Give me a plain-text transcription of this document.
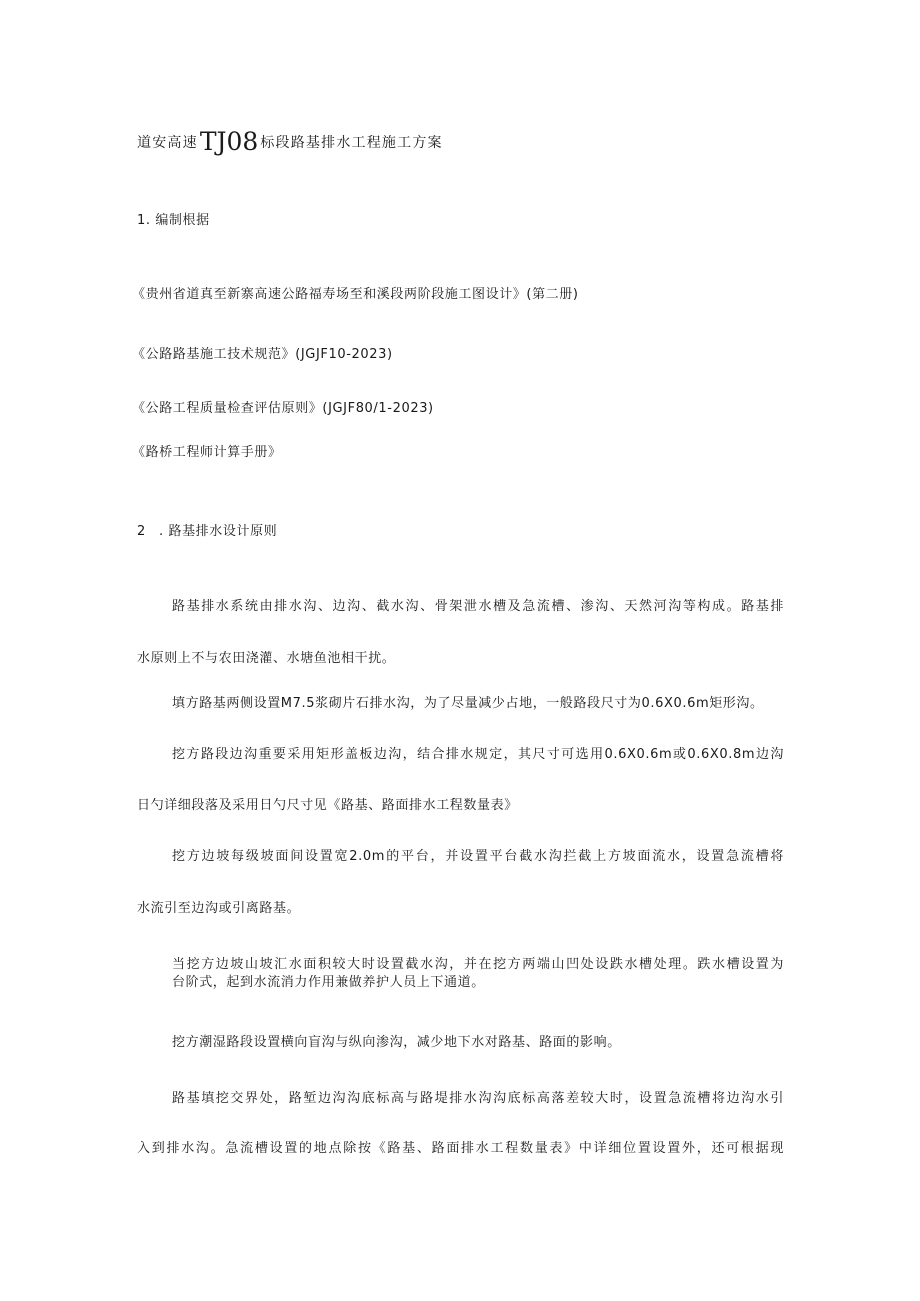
道安高速TJ08 标段路基排水工程施工方案
1. 编制根据
《贵州省道真至新寨高速公路福寿场至和溪段两阶段施工图设计》(第二册)
《公路路基施工技术规范》(JGJF10-2023)
《公路工程质量检查评估原则》(JGJF80/1-2023)
《路桥工程师计算手册》
2 . 路基排水设计原则
路基排水系统由排水沟、边沟、截水沟、骨架泄水槽及急流槽、渗沟、天然河沟等构成。路基排
水原则上不与农田浇灌、水塘鱼池相干扰。
填方路基两侧设置M7.5浆砌片石排水沟，为了尽量减少占地，一般路段尺寸为0.6X0.6m矩形沟。
挖方路段边沟重要采用矩形盖板边沟，结合排水规定，其尺寸可选用0.6X0.6m或0.6X0.8m边沟
日勺详细段落及采用日勺尺寸见《路基、路面排水工程数量表》
挖方边坡每级坡面间设置宽2.0m的平台，并设置平台截水沟拦截上方坡面流水，设置急流槽将
水流引至边沟或引离路基。
当挖方边坡山坡汇水面积较大时设置截水沟，并在挖方两端山凹处设跌水槽处理。跌水槽设置为
台阶式，起到水流消力作用兼做养护人员上下通道。
挖方潮湿路段设置横向盲沟与纵向渗沟，减少地下水对路基、路面的影响。
路基填挖交界处，路堑边沟沟底标高与路堤排水沟沟底标高落差较大时，设置急流槽将边沟水引
入到排水沟。急流槽设置的地点除按《路基、路面排水工程数量表》中详细位置设置外，还可根据现
